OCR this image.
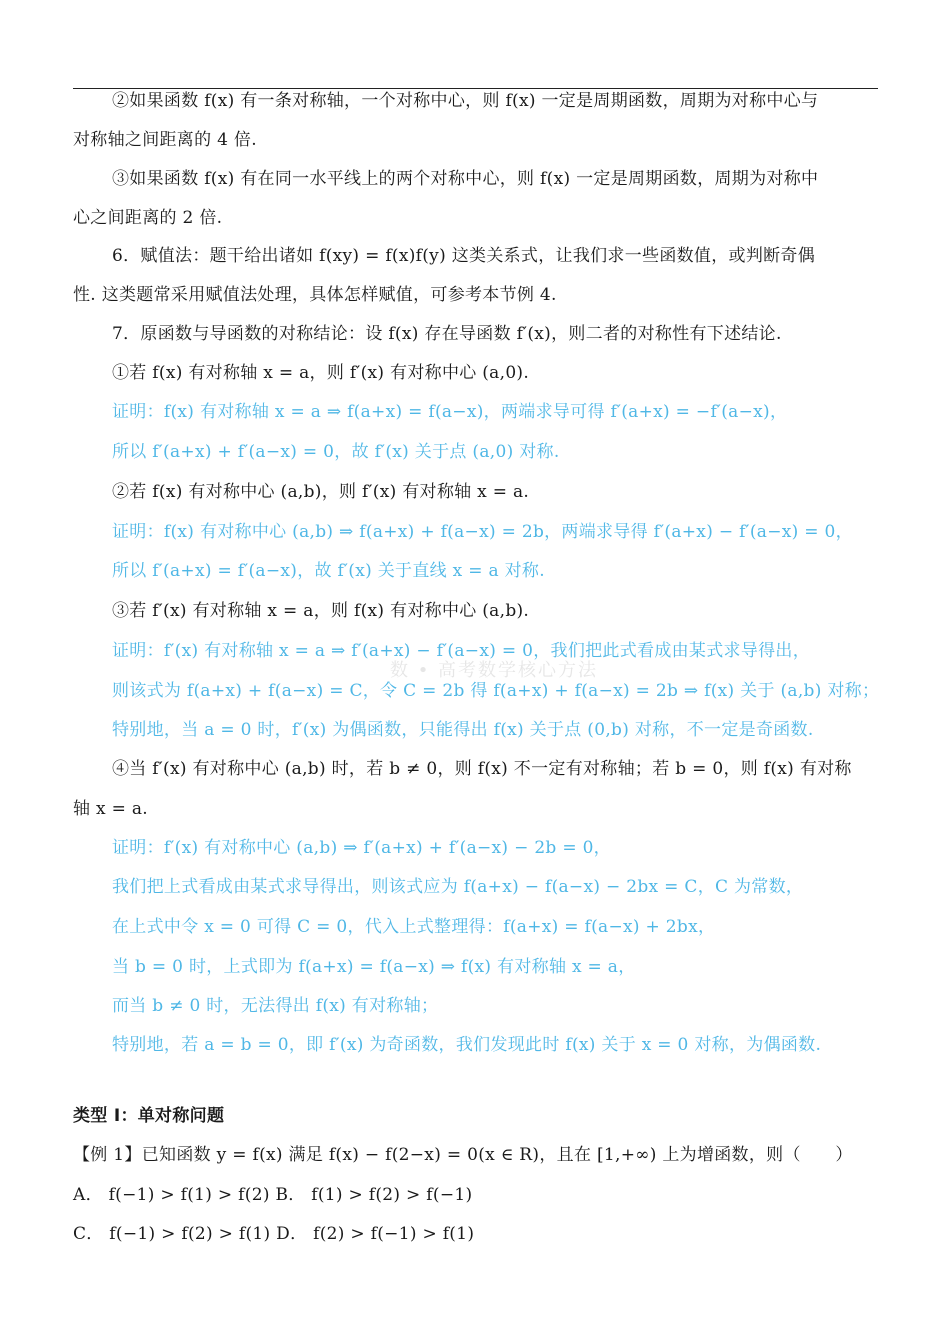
数 • 高考数学核心方法
②如果函数 f(x) 有一条对称轴，一个对称中心，则 f(x) 一定是周期函数，周期为对称中心与
对称轴之间距离的 4 倍.
③如果函数 f(x) 有在同一水平线上的两个对称中心，则 f(x) 一定是周期函数，周期为对称中
心之间距离的 2 倍.
6．赋值法：题干给出诸如 f(xy) = f(x)f(y) 这类关系式，让我们求一些函数值，或判断奇偶
性. 这类题常采用赋值法处理，具体怎样赋值，可参考本节例 4.
7．原函数与导函数的对称结论：设 f(x) 存在导函数 f′(x)，则二者的对称性有下述结论.
①若 f(x) 有对称轴 x = a，则 f′(x) 有对称中心 (a,0).
证明：f(x) 有对称轴 x = a ⇒ f(a+x) = f(a−x)，两端求导可得 f′(a+x) = −f′(a−x)，
所以 f′(a+x) + f′(a−x) = 0，故 f′(x) 关于点 (a,0) 对称.
②若 f(x) 有对称中心 (a,b)，则 f′(x) 有对称轴 x = a.
证明：f(x) 有对称中心 (a,b) ⇒ f(a+x) + f(a−x) = 2b，两端求导得 f′(a+x) − f′(a−x) = 0，
所以 f′(a+x) = f′(a−x)，故 f′(x) 关于直线 x = a 对称.
③若 f′(x) 有对称轴 x = a，则 f(x) 有对称中心 (a,b).
证明：f′(x) 有对称轴 x = a ⇒ f′(a+x) − f′(a−x) = 0，我们把此式看成由某式求导得出，
则该式为 f(a+x) + f(a−x) = C，令 C = 2b 得 f(a+x) + f(a−x) = 2b ⇒ f(x) 关于 (a,b) 对称；
特别地，当 a = 0 时，f′(x) 为偶函数，只能得出 f(x) 关于点 (0,b) 对称，不一定是奇函数.
④当 f′(x) 有对称中心 (a,b) 时，若 b ≠ 0，则 f(x) 不一定有对称轴；若 b = 0，则 f(x) 有对称
轴 x = a.
证明：f′(x) 有对称中心 (a,b) ⇒ f′(a+x) + f′(a−x) − 2b = 0，
我们把上式看成由某式求导得出，则该式应为 f(a+x) − f(a−x) − 2bx = C，C 为常数，
在上式中令 x = 0 可得 C = 0，代入上式整理得：f(a+x) = f(a−x) + 2bx，
当 b = 0 时，上式即为 f(a+x) = f(a−x) ⇒ f(x) 有对称轴 x = a，
而当 b ≠ 0 时，无法得出 f(x) 有对称轴；
特别地，若 a = b = 0，即 f′(x) 为奇函数，我们发现此时 f(x) 关于 x = 0 对称，为偶函数.
类型 Ⅰ：单对称问题
【例 1】已知函数 y = f(x) 满足 f(x) − f(2−x) = 0(x ∈ R)，且在 [1,+∞) 上为增函数，则（　　）
A． f(−1) > f(1) > f(2) B． f(1) > f(2) > f(−1)
C． f(−1) > f(2) > f(1) D． f(2) > f(−1) > f(1)
